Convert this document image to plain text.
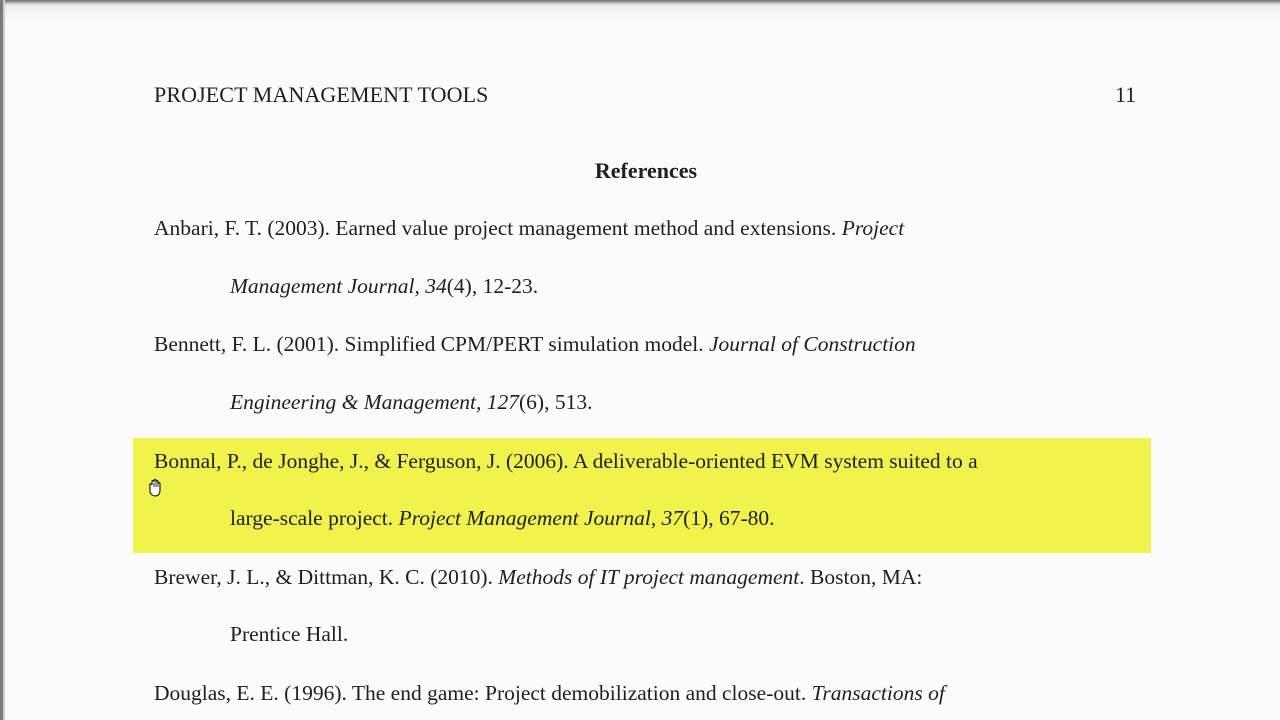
PROJECT MANAGEMENT TOOLS	11
References
Anbari, F. T. (2003). Earned value project management method and extensions. Project
Management Journal, 34(4), 12-23.
Bennett, F. L. (2001). Simplified CPM/PERT simulation model. Journal of Construction
Engineering & Management, 127(6), 513.
Bonnal, P., de Jonghe, J., & Ferguson, J. (2006). A deliverable-oriented EVM system suited to a
large-scale project. Project Management Journal, 37(1), 67-80.
Brewer, J. L., & Dittman, K. C. (2010). Methods of IT project management. Boston, MA:
Prentice Hall.
Douglas, E. E. (1996). The end game: Project demobilization and close-out. Transactions of
